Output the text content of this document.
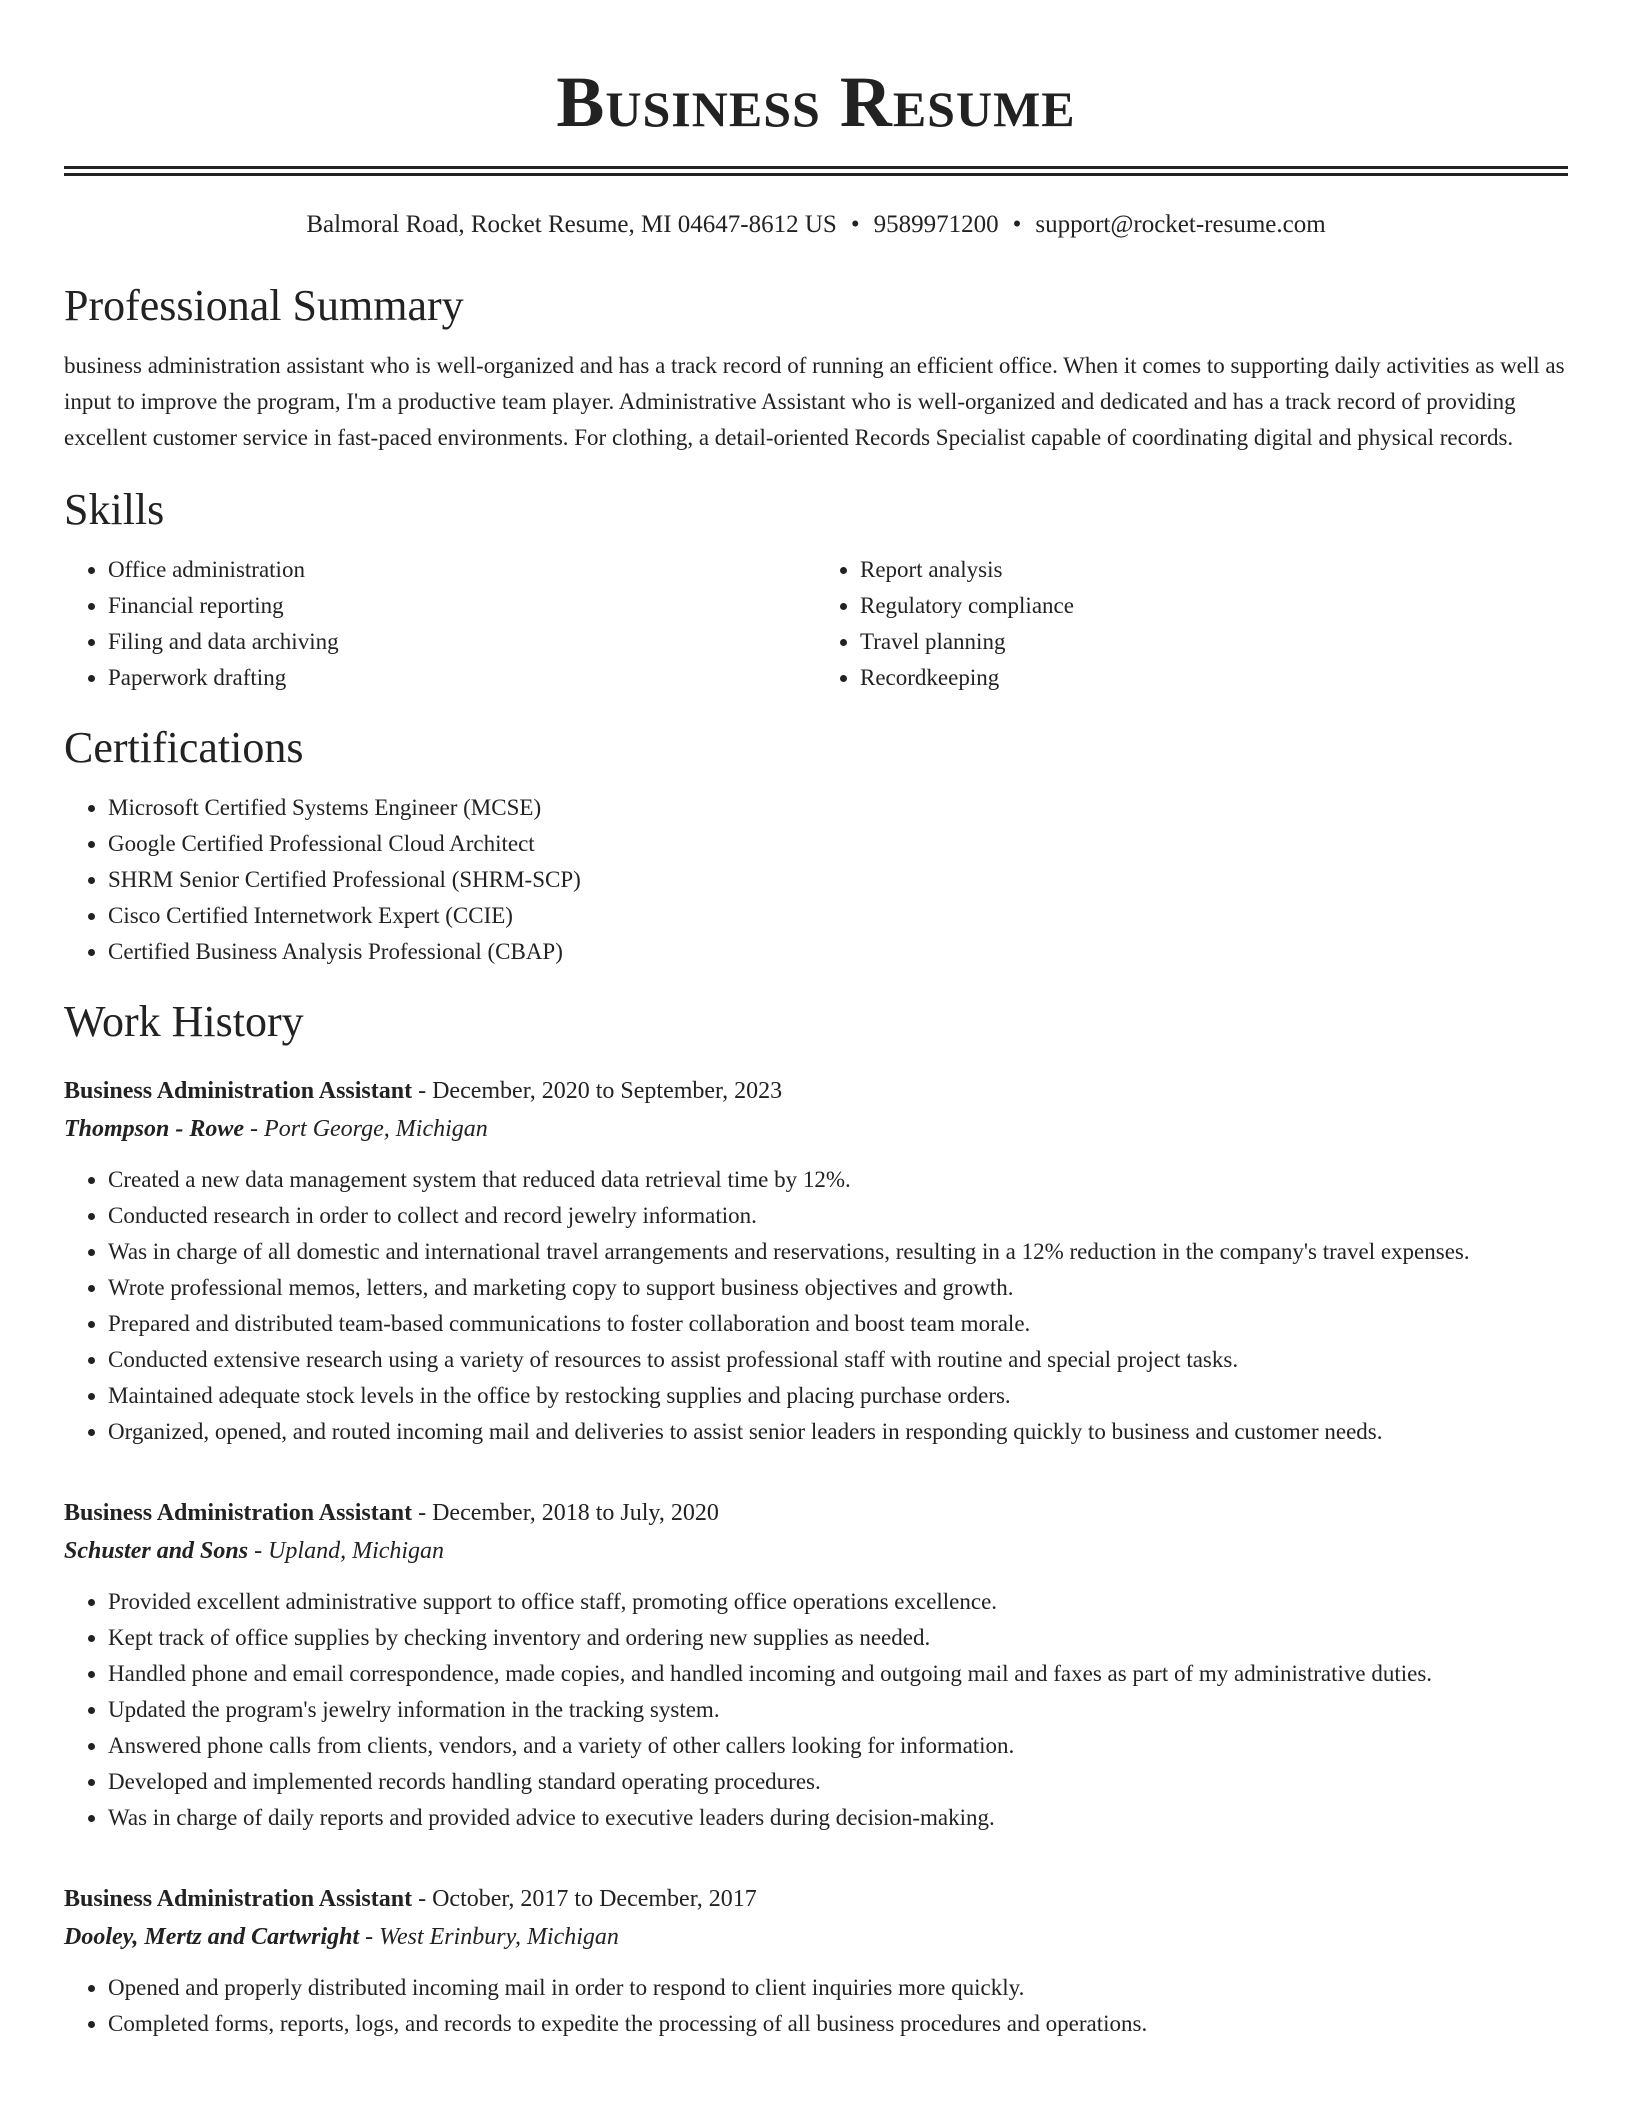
Business Resume
Balmoral Road, Rocket Resume, MI 04647-8612 US • 9589971200 • support@rocket-resume.com
Professional Summary

business administration assistant who is well-organized and has a track record of running an efficient office. When it comes to supporting daily activities as well as input to improve the program, I'm a productive team player. Administrative Assistant who is well-organized and dedicated and has a track record of providing excellent customer service in fast-paced environments. For clothing, a detail-oriented Records Specialist capable of coordinating digital and physical records.

Skills
• Office administration
• Financial reporting
• Filing and data archiving
• Paperwork drafting
• Report analysis
• Regulatory compliance
• Travel planning
• Recordkeeping
Certifications
• Microsoft Certified Systems Engineer (MCSE)
• Google Certified Professional Cloud Architect
• SHRM Senior Certified Professional (SHRM-SCP)
• Cisco Certified Internetwork Expert (CCIE)
• Certified Business Analysis Professional (CBAP)
Work History
Business Administration Assistant - December, 2020 to September, 2023
Thompson - Rowe - Port George, Michigan
• Created a new data management system that reduced data retrieval time by 12%.
• Conducted research in order to collect and record jewelry information.
• Was in charge of all domestic and international travel arrangements and reservations, resulting in a 12% reduction in the company's travel expenses.
• Wrote professional memos, letters, and marketing copy to support business objectives and growth.
• Prepared and distributed team-based communications to foster collaboration and boost team morale.
• Conducted extensive research using a variety of resources to assist professional staff with routine and special project tasks.
• Maintained adequate stock levels in the office by restocking supplies and placing purchase orders.
• Organized, opened, and routed incoming mail and deliveries to assist senior leaders in responding quickly to business and customer needs.
Business Administration Assistant - December, 2018 to July, 2020
Schuster and Sons - Upland, Michigan
• Provided excellent administrative support to office staff, promoting office operations excellence.
• Kept track of office supplies by checking inventory and ordering new supplies as needed.
• Handled phone and email correspondence, made copies, and handled incoming and outgoing mail and faxes as part of my administrative duties.
• Updated the program's jewelry information in the tracking system.
• Answered phone calls from clients, vendors, and a variety of other callers looking for information.
• Developed and implemented records handling standard operating procedures.
• Was in charge of daily reports and provided advice to executive leaders during decision-making.
Business Administration Assistant - October, 2017 to December, 2017
Dooley, Mertz and Cartwright - West Erinbury, Michigan
• Opened and properly distributed incoming mail in order to respond to client inquiries more quickly.
• Completed forms, reports, logs, and records to expedite the processing of all business procedures and operations.
